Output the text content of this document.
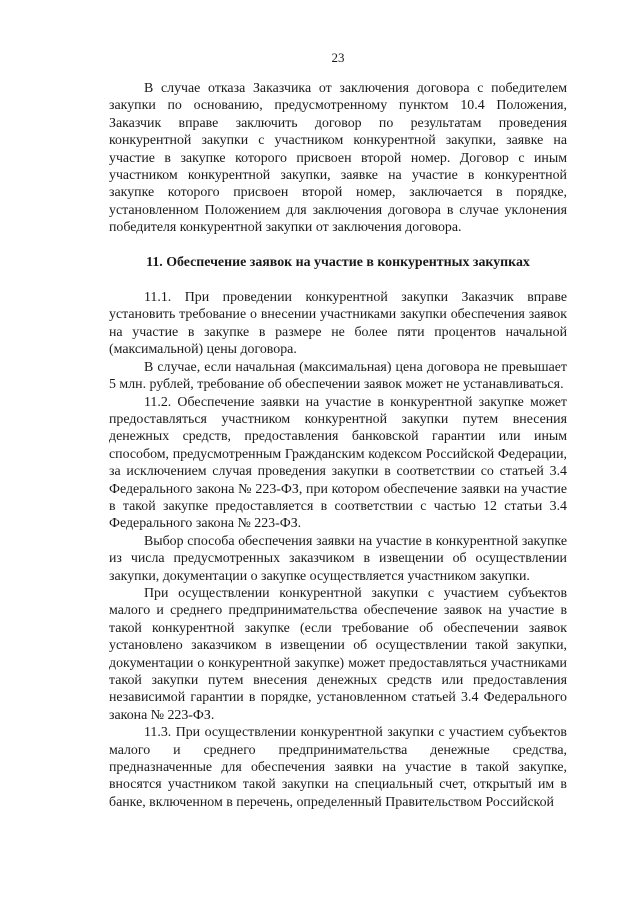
23

В случае отказа Заказчика от заключения договора с победителем закупки по основанию, предусмотренному пунктом 10.4 Положения, Заказчик вправе заключить договор по результатам проведения конкурентной закупки с участником конкурентной закупки, заявке на участие в закупке которого присвоен второй номер. Договор с иным участником конкурентной закупки, заявке на участие в конкурентной закупке которого присвоен второй номер, заключается в порядке, установленном Положением для заключения договора в случае уклонения победителя конкурентной закупки от заключения договора.

11. Обеспечение заявок на участие в конкурентных закупках

11.1. При проведении конкурентной закупки Заказчик вправе установить требование о внесении участниками закупки обеспечения заявок на участие в закупке в размере не более пяти процентов начальной (максимальной) цены договора.

В случае, если начальная (максимальная) цена договора не превышает 5 млн. рублей, требование об обеспечении заявок может не устанавливаться.

11.2. Обеспечение заявки на участие в конкурентной закупке может предоставляться участником конкурентной закупки путем внесения денежных средств, предоставления банковской гарантии или иным способом, предусмотренным Гражданским кодексом Российской Федерации, за исключением случая проведения закупки в соответствии со статьей 3.4 Федерального закона № 223-ФЗ, при котором обеспечение заявки на участие в такой закупке предоставляется в соответствии с частью 12 статьи 3.4 Федерального закона № 223-ФЗ.

Выбор способа обеспечения заявки на участие в конкурентной закупке из числа предусмотренных заказчиком в извещении об осуществлении закупки, документации о закупке осуществляется участником закупки.

При осуществлении конкурентной закупки с участием субъектов малого и среднего предпринимательства обеспечение заявок на участие в такой конкурентной закупке (если требование об обеспечении заявок установлено заказчиком в извещении об осуществлении такой закупки, документации о конкурентной закупке) может предоставляться участниками такой закупки путем внесения денежных средств или предоставления независимой гарантии в порядке, установленном статьей 3.4 Федерального закона № 223-ФЗ.

11.3. При осуществлении конкурентной закупки с участием субъектов малого и среднего предпринимательства денежные средства, предназначенные для обеспечения заявки на участие в такой закупке, вносятся участником такой закупки на специальный счет, открытый им в банке, включенном в перечень, определенный Правительством Российской
